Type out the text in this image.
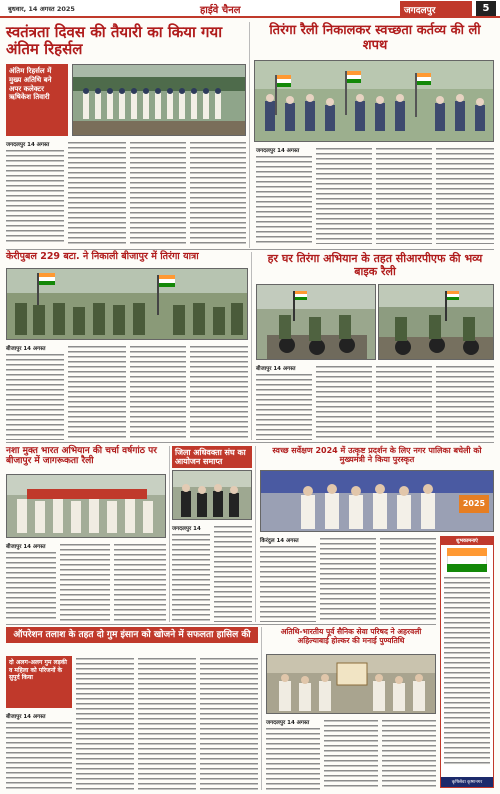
बुधवार, 14 अगस्त 2025	हाईवे चैनल	जगदलपुर	5
स्वतंत्रता दिवस की तैयारी का किया गया अंतिम रिहर्सल
अंतिम रिहर्सल में मुख्य अतिथि बने अपर कलेक्टर ऋषिकेश तिवारी
जगदलपुर 14 अगस्त
तिरंगा रैली निकालकर स्वच्छता कर्तव्य की ली शपथ
जगदलपुर 14 अगस्त
केरीपुबल 229 बटा. ने निकाली बीजापुर में तिरंगा यात्रा
बीजापुर 14 अगस्त
हर घर तिरंगा अभियान के तहत सीआरपीएफ की भव्य बाइक रैली
बीजापुर 14 अगस्त
नशा मुक्त भारत अभियान की चर्चा वर्षगांठ पर बीजापुर में जागरूकता रैली
बीजापुर 14 अगस्त
जिला अधिवक्ता संघ का आयोजन समाप्त
जगदलपुर 14
स्वच्छ सर्वेक्षण 2024 में उत्कृष्ट प्रदर्शन के लिए नगर पालिका बचेली को मुख्यमंत्री ने किया पुरस्कृत
2025
किरंदुल 14 अगस्त	शुभकामनाएं
कृषिसेवा कृष्णनगर
ऑपरेशन तलाश के तहत दो गुम इंसान को खोजने में सफलता हासिल की
दो अलग-अलग गुम लड़की व महिला को परिजनों के सुपुर्द किया
बीजापुर 14 अगस्त
अतिथि-भारतीय पूर्व सैनिक सेवा परिषद ने अहरवली अहिल्याबाई होल्कर की मनाई पुण्यतिथि
जगदलपुर 14 अगस्त
